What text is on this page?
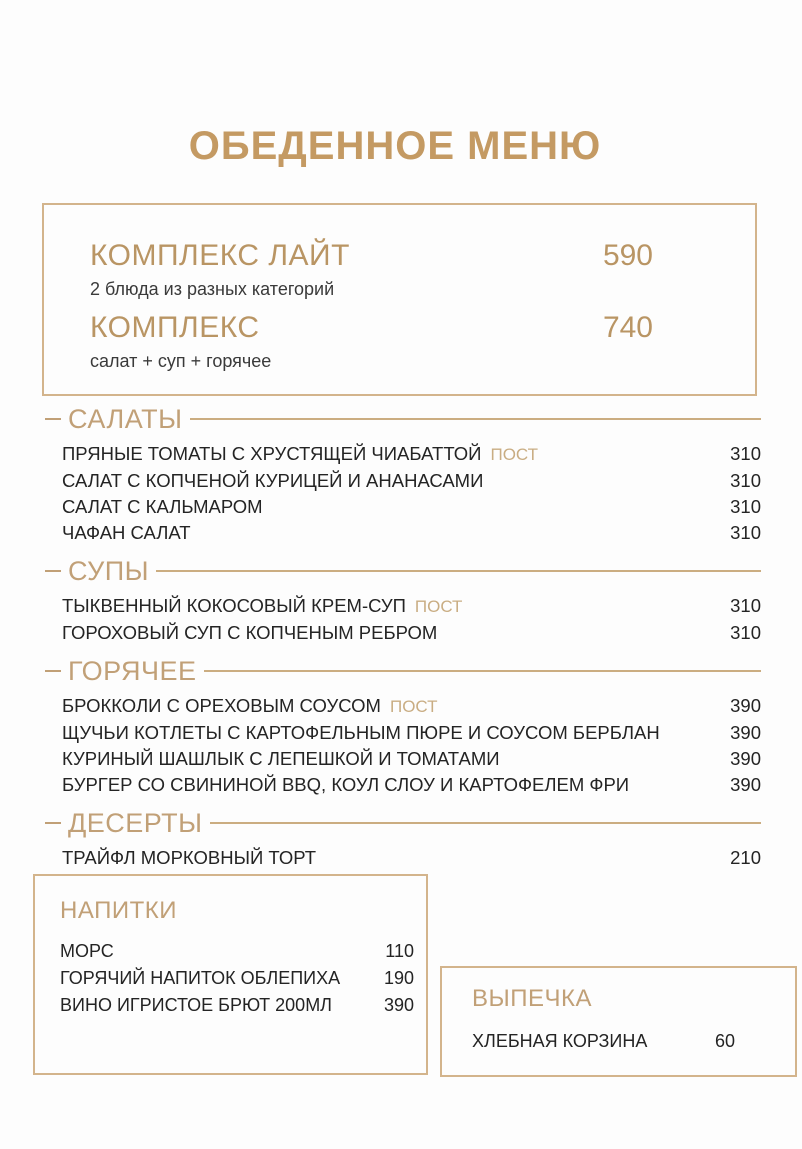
ОБЕДЕННОЕ МЕНЮ
КОМПЛЕКС ЛАЙТ	590
2 блюда из разных категорий
КОМПЛЕКС	740
салат + суп + горячее
САЛАТЫ
ПРЯНЫЕ ТОМАТЫ С ХРУСТЯЩЕЙ ЧИАБАТТОЙ ПОСТ	310
САЛАТ С КОПЧЕНОЙ КУРИЦЕЙ И АНАНАСАМИ	310
САЛАТ С КАЛЬМАРОМ	310
ЧАФАН САЛАТ	310
СУПЫ
ТЫКВЕННЫЙ КОКОСОВЫЙ КРЕМ-СУП ПОСТ	310
ГОРОХОВЫЙ СУП С КОПЧЕНЫМ РЕБРОМ	310
ГОРЯЧЕЕ
БРОККОЛИ С ОРЕХОВЫМ СОУСОМ ПОСТ	390
ЩУЧЬИ КОТЛЕТЫ С КАРТОФЕЛЬНЫМ ПЮРЕ И СОУСОМ БЕРБЛАН	390
КУРИНЫЙ ШАШЛЫК С ЛЕПЕШКОЙ И ТОМАТАМИ	390
БУРГЕР СО СВИНИНОЙ BBQ, КОУЛ СЛОУ И КАРТОФЕЛЕМ ФРИ	390
ДЕСЕРТЫ
ТРАЙФЛ МОРКОВНЫЙ ТОРТ	210
НАПИТКИ
МОРС	110
ГОРЯЧИЙ НАПИТОК ОБЛЕПИХА 190
ВИНО ИГРИСТОЕ БРЮТ 200МЛ	390 ВЫПЕЧКА
ХЛЕБНАЯ КОРЗИНА	60
